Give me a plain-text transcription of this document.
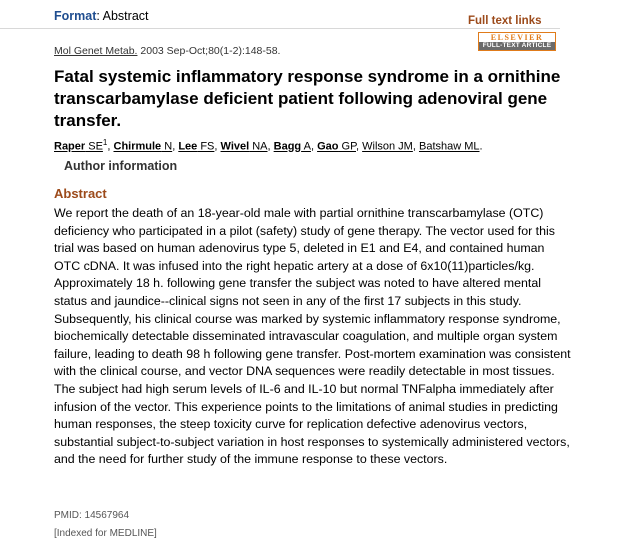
Format: Abstract	Full text links
ELSEVIER
FULL-TEXT ARTICLE
Mol Genet Metab. 2003 Sep-Oct;80(1-2):148-58.
Fatal systemic inflammatory response syndrome in a ornithine transcarbamylase deficient patient following adenoviral gene transfer.
Raper $SE^1$, Chirmule N, Lee FS, Wivel NA, Bagg A, Gao GP, Wilson JM, Batshaw ML.
Author information
Abstract

We report the death of an 18-year-old male with partial ornithine transcarbamylase (OTC) deficiency who participated in a pilot (safety) study of gene therapy. The vector used for this trial was based on human adenovirus type 5, deleted in E1 and E4, and contained human OTC cDNA. It was infused into the right hepatic artery at a dose of 6x10(11)particles/kg. Approximately 18 h. following gene transfer the subject was noted to have altered mental status and jaundice--clinical signs not seen in any of the first 17 subjects in this study. Subsequently, his clinical course was marked by systemic inflammatory response syndrome, biochemically detectable disseminated intravascular coagulation, and multiple organ system failure, leading to death 98 h following gene transfer. Post-mortem examination was consistent with the clinical course, and vector DNA sequences were readily detectable in most tissues. The subject had high serum levels of IL-6 and IL-10 but normal TNFalpha immediately after infusion of the vector. This experience points to the limitations of animal studies in predicting human responses, the steep toxicity curve for replication defective adenovirus vectors, substantial subject-to-subject variation in host responses to systemically administered vectors, and the need for further study of the immune response to these vectors.

PMID: 14567964
[Indexed for MEDLINE]
